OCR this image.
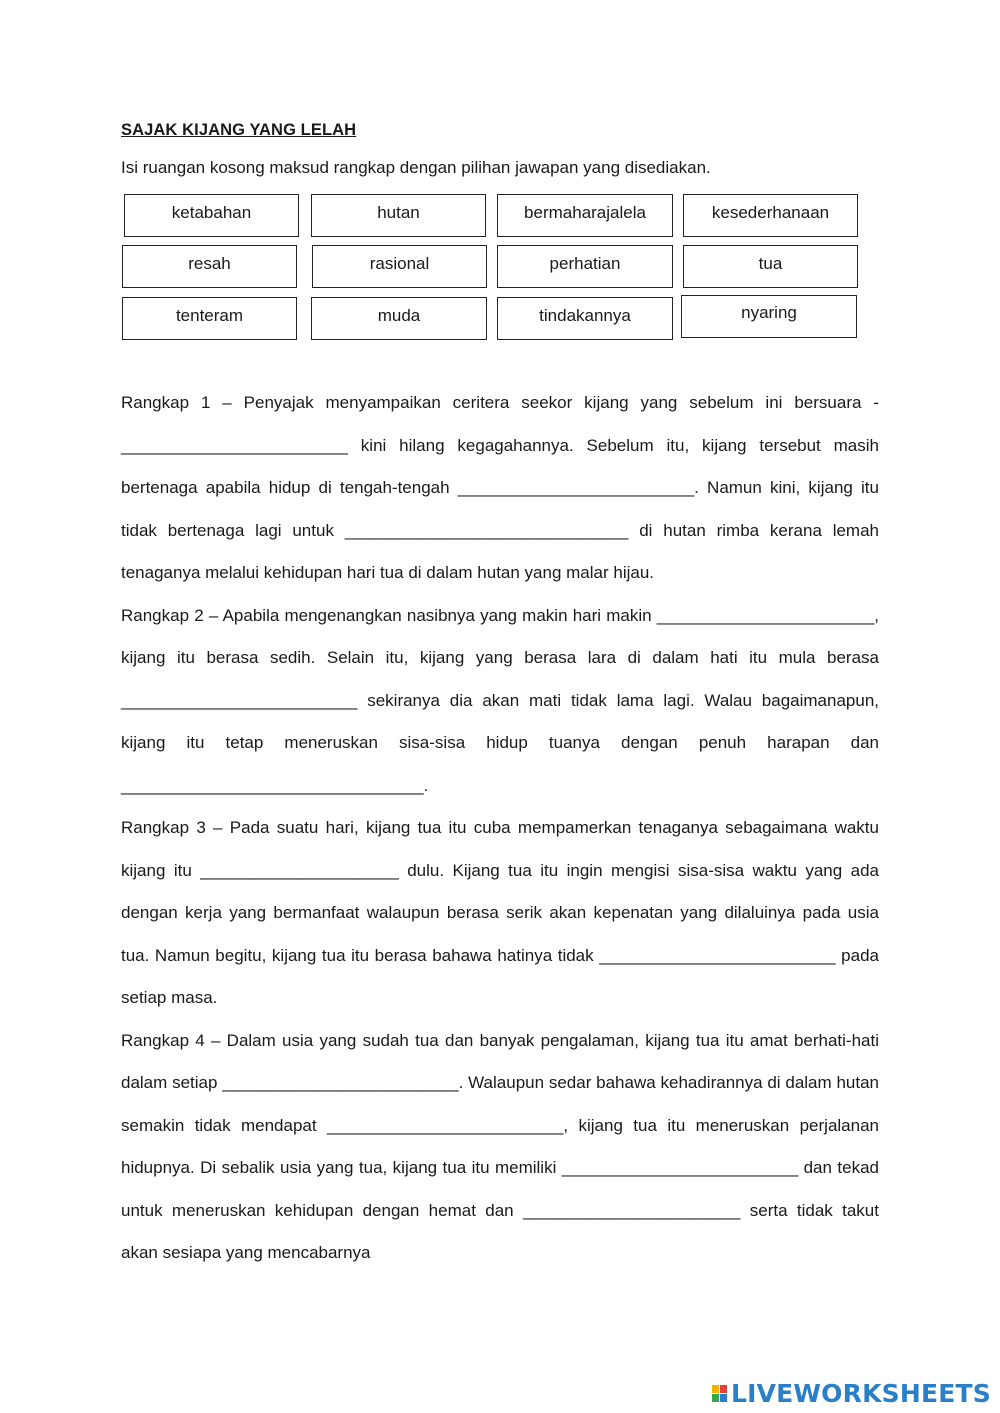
SAJAK KIJANG YANG LELAH
Isi ruangan kosong maksud rangkap dengan pilihan jawapan yang disediakan.
ketabahan	hutan	bermaharajalela	kesederhanaan
resah	rasional	perhatian	tua
tenteram	muda	tindakannya	nyaring

Rangkap 1 – Penyajak menyampaikan ceritera seekor kijang yang sebelum ini bersuara - ________________________ kini hilang kegagahannya. Sebelum itu, kijang tersebut masih bertenaga apabila hidup di tengah-tengah _________________________. Namun kini, kijang itu tidak bertenaga lagi untuk ______________________________ di hutan rimba kerana lemah tenaganya melalui kehidupan hari tua di dalam hutan yang malar hijau.

Rangkap 2 – Apabila mengenangkan nasibnya yang makin hari makin _______________________, kijang itu berasa sedih. Selain itu, kijang yang berasa lara di dalam hati itu mula berasa _________________________ sekiranya dia akan mati tidak lama lagi. Walau bagaimanapun, kijang itu tetap meneruskan sisa-sisa hidup tuanya dengan penuh harapan dan ________________________________.

Rangkap 3 – Pada suatu hari, kijang tua itu cuba mempamerkan tenaganya sebagaimana waktu kijang itu _____________________ dulu. Kijang tua itu ingin mengisi sisa-sisa waktu yang ada dengan kerja yang bermanfaat walaupun berasa serik akan kepenatan yang dilaluinya pada usia tua. Namun begitu, kijang tua itu berasa bahawa hatinya tidak _________________________ pada setiap masa.

Rangkap 4 – Dalam usia yang sudah tua dan banyak pengalaman, kijang tua itu amat berhati-hati dalam setiap _________________________. Walaupun sedar bahawa kehadirannya di dalam hutan semakin tidak mendapat _________________________, kijang tua itu meneruskan perjalanan hidupnya. Di sebalik usia yang tua, kijang tua itu memiliki _________________________ dan tekad untuk meneruskan kehidupan dengan hemat dan _______________________ serta tidak takut akan sesiapa yang mencabarnya

LIVEWORKSHEETS
